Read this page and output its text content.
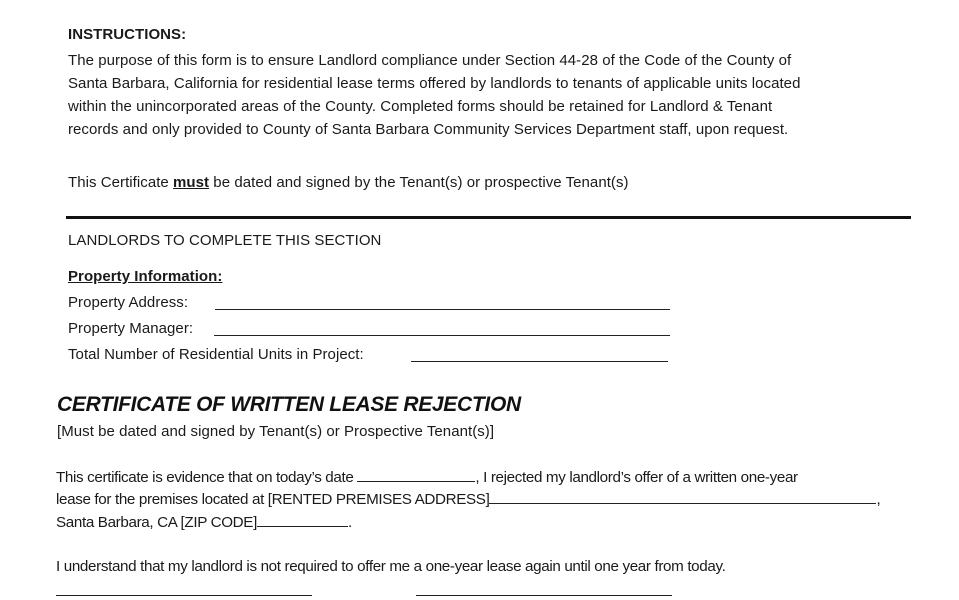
INSTRUCTIONS:
The purpose of this form is to ensure Landlord compliance under Section 44-28 of the Code of the County of
Santa Barbara, California for residential lease terms offered by landlords to tenants of applicable units located
within the unincorporated areas of the County. Completed forms should be retained for Landlord & Tenant
records and only provided to County of Santa Barbara Community Services Department staff, upon request.
This Certificate must be dated and signed by the Tenant(s) or prospective Tenant(s)
LANDLORDS TO COMPLETE THIS SECTION
Property Information:
Property Address:
Property Manager:
Total Number of Residential Units in Project:
CERTIFICATE OF WRITTEN LEASE REJECTION
[Must be dated and signed by Tenant(s) or Prospective Tenant(s)]
This certificate is evidence that on today’s date	, I rejected my landlord’s offer of a written one-year
lease for the premises located at [RENTED PREMISES ADDRESS]	,
Santa Barbara, CA [ZIP CODE]	.
I understand that my landlord is not required to offer me a one-year lease again until one year from today.
